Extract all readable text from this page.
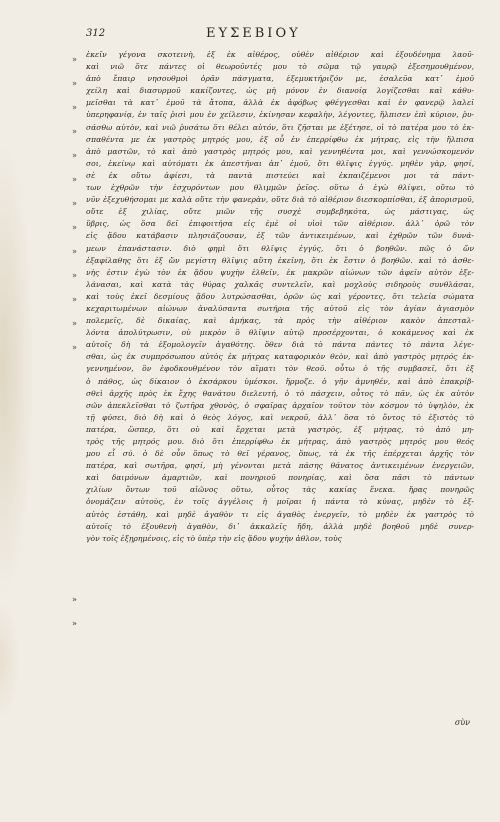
312	ΕΥΣΕΒΙΟΥ
»
»
»
»
»
»
»
»
»
»
»
»
»
»
»
ἐκεῖν γέγονα σκοτεινὴ, ἐξ ἐκ αἰθέρος, οὐθὲν αἰθέριον καὶ ἐξουδένημα λαοῦ·
καὶ νιῶ ὅτε πάντες οἱ θεωροῦντές μου τὸ σῶμα τῷ γαυρῷ ἐξεσημουθμένον,
ἀπὸ ἔπαιρ νησουθμοὶ ὁρᾶν πάσγματα, ἐξεμυκτήριζόν με, ἐσαλεῦα κατ᾽ ἐμοῦ
χείλη καὶ διασυρμοῦ κακίζοντες, ὡς μὴ μόνον ἐν διανοίᾳ λογίζεσθαι καὶ κάθυ-
μεῖσθαι τὰ κατ᾽ ἐμοῦ τὰ ἄτοπα, ἀλλὰ ἐκ ἀφόβως φθέγγεσθαι καὶ ἐν φανερῷ λαλεῖ
ὑπερηφανίᾳ, ἐν ταῖς ῥισὶ μου ἐν χείλεσιν, ἐκίνησαν κεφαλὴν, λέγοντες, ἤλπισεν ἐπὶ κύριον, ῥυ-
σάσθω αὐτὸν, καὶ νιῶ ῥυσάτω ὅτι θέλει αὐτόν, ὅτι ζῆσται με ἐξέτησε, οἱ τὸ πατέρα μου τὸ ἐκ-
σπαθέντα με ἐκ γαστρὸς μητρός μου, ἐξ οὗ ἐν ἐπερρίφθω ἐκ μήτρας, εἰς τὴν ἤλπισα
ἀπὸ μαστῶν, τὸ καὶ ἀπὸ γαστρὸς μητρός μου, καὶ γεννηθέντα μοι, καὶ γεννώσκομενόν
σοι, ἐκείνῳ καὶ αὐτόματι ἐκ ἀπεστῆναι ἀπ᾽ ἐμοῦ, ὅτι θλῖψις ἐγγύς. μηθὲν γὰρ, φησί,
σὲ ἐκ οὔτω ἀφίεσι, τὰ παντὰ πιστεύει καὶ ἐκπαιζέμενοι μοι τὰ πάντ-
των ἐχθρῶν τὴν ἐσχυρόντων μου θλιμμῶν ῥεῖος. οὕτω ὁ ἐγὼ θλίψει, οὕτω τὸ
νῦν ἐξεχυθήσομαι με καλὰ οὔτε τὴν φανερὰν, οὔτε διὰ τὸ αἰθέριον διεσκορπίσθαι, ἐξ ἀπορισμοῦ,
οὔτε ἐξ χιλίας, οὔτε μιῶν τῆς συσχὲ συμβεβηκότα, ὡς μάστιγας, ὡς
ὕβρις, ὡς ὅσα δεῖ ἐπιφοιτήσα εἰς ἐμὲ οἱ υἱοὶ τῶν αἰθέριον. ἀλλ᾽ ὁρῶ τὸν
εἰς ᾅδου κατάβασιν πλησιάζουσαν, ἐξ τῶν ἀντικειμένων, καὶ ἐχθρῶν τῶν δυνά-
μεων ἐπανάστασιν. διὸ φημὶ ὅτι θλῖψις ἐγγύς, ὅτι ὁ βοηθῶν. πῶς ὁ ὤν
ἐξαφίλαθης ὅτι ἐξ ὤν μεγίστη θλῖψις αὕτη ἐκεῖνη, ὅτι ἐκ ἔστιν ὁ βοηθῶν. καὶ τὸ ἀσθε-
νὴς ἐστιν ἐγὼ τὸν ἐκ ᾅδου ψυχὴν ἐλθεῖν, ἐκ μακρῶν αἰώνων τῶν ἀφεῖν αὐτὸν ἐξε-
λάνασαι, καὶ κατὰ τὰς θύρας χαλκᾶς συντελεῖν, καὶ μοχλοὺς σιδηροὺς συνθλάσαι,
καὶ τοὺς ἐκεῖ δεσμίους ᾅδου λυτρώσασθαι, ὁρῶν ὡς καὶ γέροντες, ὅτι τελεία σώματα
κεχαριτωμένων αἰώνων ἀναλύσαντα σωτήρια τῆς αὐτοῦ εἰς τὸν ἀγίαν ἀγιασμὸν
πολεμεῖς, δὲ δικαίας, καὶ ἀμήκας, τὰ πρὸς τὴν αἰθέριον κακὸν ἀπεσταλ-
λόντα ἀπολύτρωσιν, οὐ μικρὸν ὃ θλῖψιν αὐτῷ προσέρχονται, ὁ κοκάμενος καὶ ἐκ
αὐτοῖς δὴ τὰ ἐξομολογεῖν ἀγαθότης. ὅθεν διὰ τὸ πάντα πάντες τὸ πάντα λέγε-
σθαι, ὡς ἐκ συμπρόσωπου αὐτὸς ἐκ μήτρας καταφορικὸν θεὸν, καὶ ἀπὸ γαστρὸς μητρός ἐκ-
γεννημένον, ὃν ἐφοδκουθμένον τὸν αἵματι τὸν θεοῦ. οὗτω ὁ τῆς συμβασεῖ, ὅτι ἐξ
ὁ πάθος, ὡς δίκαιον ὁ ἐκσάρκου ὑμέσκοι. ἤρμοζε. ὁ γῆν ἀμνηθέν, καὶ ἀπὸ ἐπακρίβ-
σθεὶ ἀρχῆς πρὸς ἐκ ἔχης θανάτου διελευτή, ὁ τὸ πάσχειν, οὗτος τὸ πᾶν, ὡς ἐκ αὐτὸν
σῶν ἀπεκλεῖσθαι τὸ ζωτῆρα χθονὸς, ὁ σφαῖρας ἀρχαῖον τοῦτον τὸν κόσμον τὸ ὑψηλὸν, ἐκ
τῇ φύσει, διὸ δὴ καὶ ὁ θεὸς λόγος, καὶ νεκροῦ, ἀλλ᾽ ὅσα τὸ ὄντος τὸ ἐξιστὸς τὸ
πατέρα, ὥσπερ, ὅτι οὐ καὶ ἔρχεται μετὰ γαστρὸς, ἐξ μήτρας, τὸ ἀπὸ μη-
τρὸς τῆς μητρός μου. διὸ ὅτι ἐπερρίφθω ἐκ μήτρας, ἀπὸ γαστρὸς μητρός μου θεός
μου εἶ σύ. ὁ δὲ οὖν ὅπως τὸ θεῖ γέρανος, ὅπως, τὰ ἐκ τῆς ἐπέρχεται ἀρχῆς τὸν
πατέρα, καὶ σωτῆρα, φησί, μὴ γένονται μετὰ πάσης θάνατος ἀντικειμένων ἐνεργειῶν,
καὶ δαιμόνων ἁμαρτιῶν, καὶ πονηριοῦ πονηρίας, καὶ ὅσα πᾶσι τὸ πάντων
χιλίων ὄντων τοῦ αἰῶνος οὕτω, οὗτος τὰς κακίας ἕνεκα. ἤρας πονηρῶς
ὀνομάζειν αὐτοὺς, ἐν τοῖς ἀγγέλοις ἡ μοῖραι ἡ πάντα τὸ κύνας, μηδὲν τὸ ἐξ-
αὐτὸς ἐστάθη, καὶ μηδὲ ἀγαθὸν τι εἰς ἀγαθὸς ἐνεργεῖν, τὸ μηδὲν ἐκ γαστρὸς τὸ
αὐτοῖς τὸ ἐξουθενὴ ἀγαθὸν, δι᾽ ἀκκαλεῖς ἤδη, ἀλλὰ μηδὲ βοηθοῦ μηδὲ συνερ-
γὸν τοῖς ἐξῃρημένοις, εἰς τὸ ὑπὲρ τὴν εἰς ᾅδου ψυχὴν ἀθλον, τοὺς
σὺν
